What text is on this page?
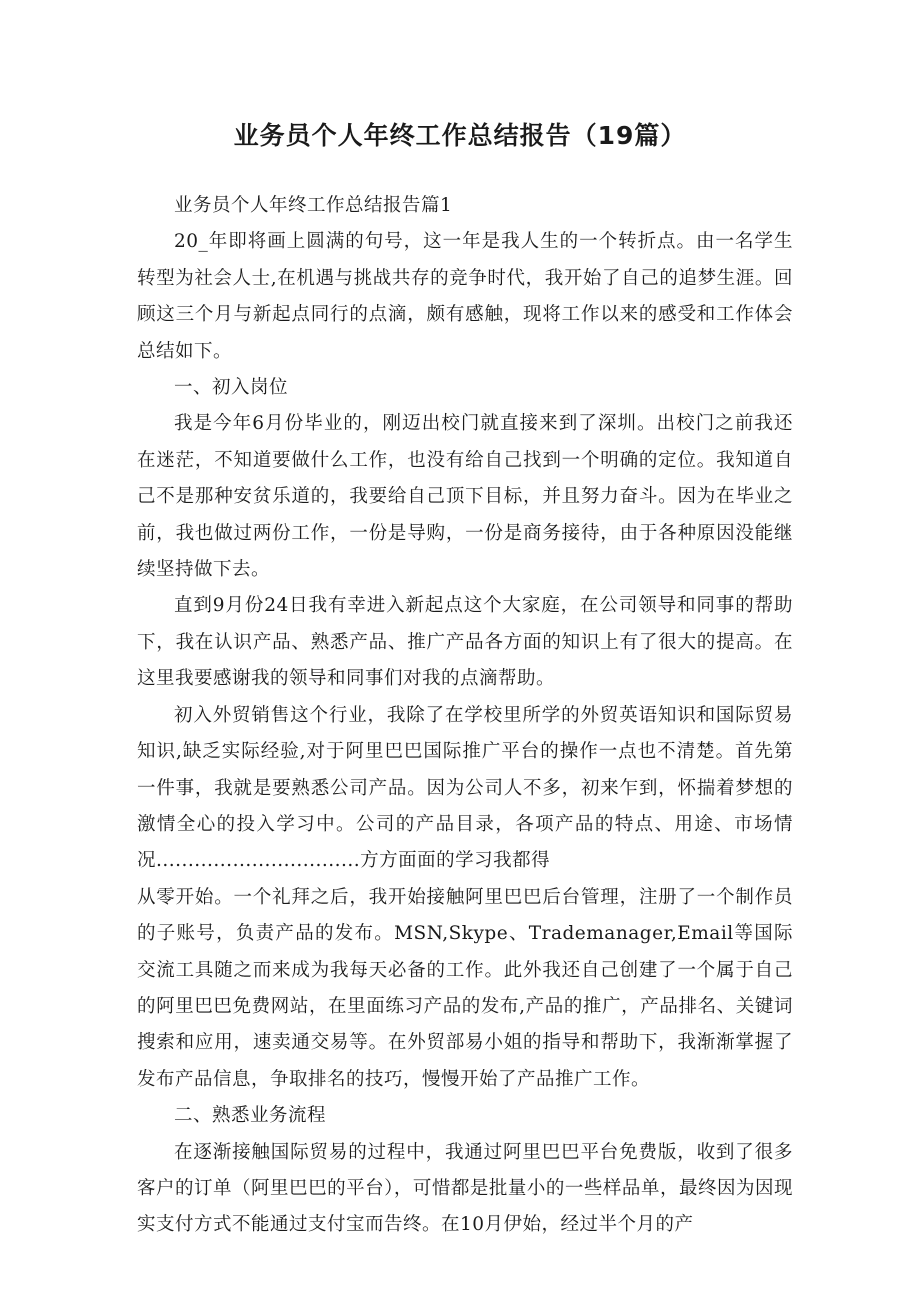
业务员个人年终工作总结报告（19篇）

业务员个人年终工作总结报告篇1

20_年即将画上圆满的句号，这一年是我人生的一个转折点。由一名学生转型为社会人士,在机遇与挑战共存的竞争时代，我开始了自己的追梦生涯。回顾这三个月与新起点同行的点滴，颇有感触，现将工作以来的感受和工作体会总结如下。

一、初入岗位

我是今年6月份毕业的，刚迈出校门就直接来到了深圳。出校门之前我还在迷茫，不知道要做什么工作，也没有给自己找到一个明确的定位。我知道自己不是那种安贫乐道的，我要给自己顶下目标，并且努力奋斗。因为在毕业之前，我也做过两份工作，一份是导购，一份是商务接待，由于各种原因没能继续坚持做下去。

直到9月份24日我有幸进入新起点这个大家庭，在公司领导和同事的帮助下，我在认识产品、熟悉产品、推广产品各方面的知识上有了很大的提高。在这里我要感谢我的领导和同事们对我的点滴帮助。

初入外贸销售这个行业，我除了在学校里所学的外贸英语知识和国际贸易知识,缺乏实际经验,对于阿里巴巴国际推广平台的操作一点也不清楚。首先第一件事，我就是要熟悉公司产品。因为公司人不多，初来乍到，怀揣着梦想的激情全心的投入学习中。公司的产品目录，各项产品的特点、用途、市场情况................................方方面面的学习我都得

从零开始。一个礼拜之后，我开始接触阿里巴巴后台管理，注册了一个制作员的子账号，负责产品的发布。MSN,Skype、Trademanager,Email等国际交流工具随之而来成为我每天必备的工作。此外我还自己创建了一个属于自己的阿里巴巴免费网站，在里面练习产品的发布,产品的推广，产品排名、关键词搜索和应用，速卖通交易等。在外贸部易小姐的指导和帮助下，我渐渐掌握了发布产品信息，争取排名的技巧，慢慢开始了产品推广工作。

二、熟悉业务流程

在逐渐接触国际贸易的过程中，我通过阿里巴巴平台免费版，收到了很多客户的订单（阿里巴巴的平台），可惜都是批量小的一些样品单，最终因为因现实支付方式不能通过支付宝而告终。在10月伊始，经过半个月的产
